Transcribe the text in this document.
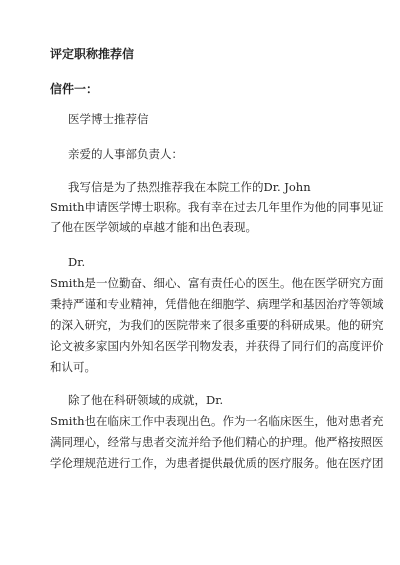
评定职称推荐信
信件一：
医学博士推荐信
亲爱的人事部负责人：
我写信是为了热烈推荐我在本院工作的Dr. John
Smith申请医学博士职称。我有幸在过去几年里作为他的同事见证
了他在医学领域的卓越才能和出色表现。
Dr.
Smith是一位勤奋、细心、富有责任心的医生。他在医学研究方面
秉持严谨和专业精神，凭借他在细胞学、病理学和基因治疗等领域
的深入研究，为我们的医院带来了很多重要的科研成果。他的研究
论文被多家国内外知名医学刊物发表，并获得了同行们的高度评价
和认可。
除了他在科研领域的成就，Dr.
Smith也在临床工作中表现出色。作为一名临床医生，他对患者充
满同理心，经常与患者交流并给予他们精心的护理。他严格按照医
学伦理规范进行工作，为患者提供最优质的医疗服务。他在医疗团
